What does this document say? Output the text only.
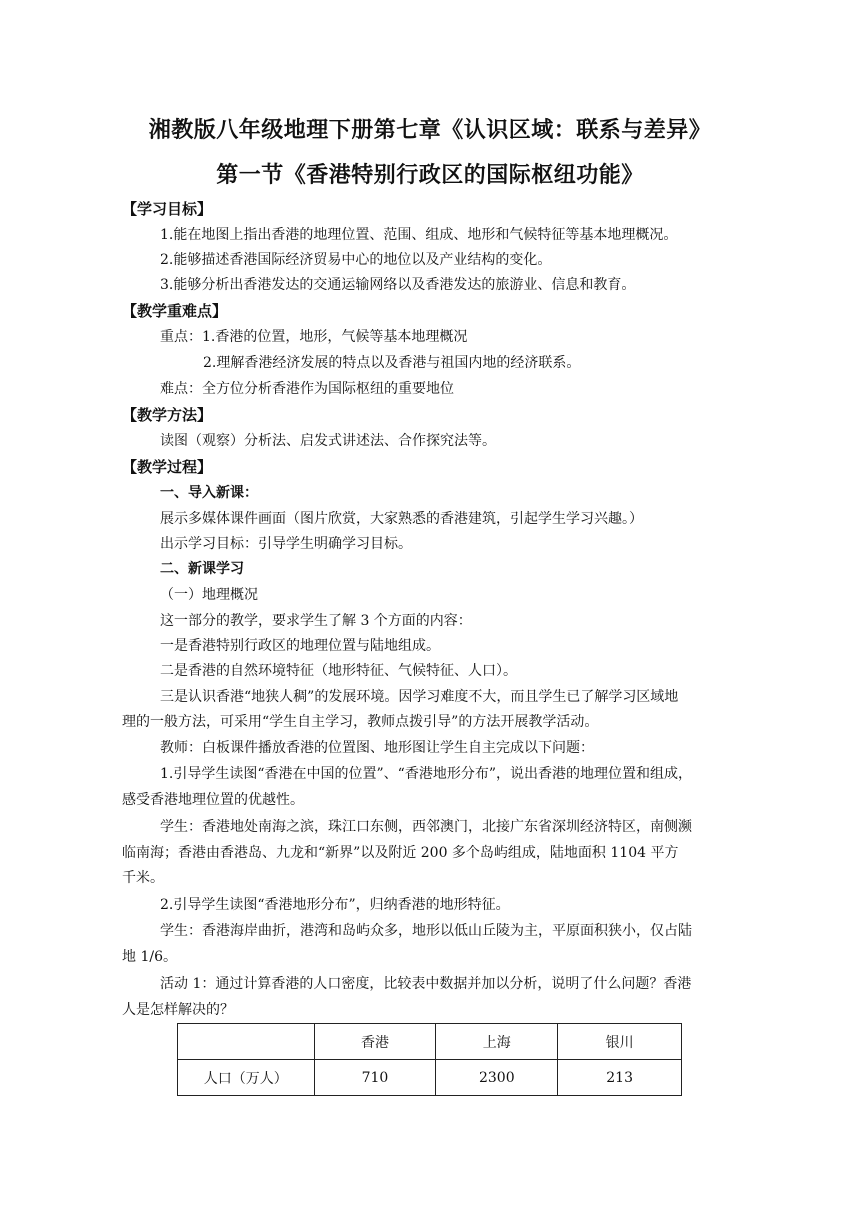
湘教版八年级地理下册第七章《认识区域：联系与差异》
第一节《香港特别行政区的国际枢纽功能》
【学习目标】
1.能在地图上指出香港的地理位置、范围、组成、地形和气候特征等基本地理概况。
2.能够描述香港国际经济贸易中心的地位以及产业结构的变化。
3.能够分析出香港发达的交通运输网络以及香港发达的旅游业、信息和教育。
【教学重难点】
重点：1.香港的位置，地形，气候等基本地理概况
2.理解香港经济发展的特点以及香港与祖国内地的经济联系。
难点：全方位分析香港作为国际枢纽的重要地位
【教学方法】
读图（观察）分析法、启发式讲述法、合作探究法等。
【教学过程】
一、导入新课：
展示多媒体课件画面（图片欣赏，大家熟悉的香港建筑，引起学生学习兴趣。）
出示学习目标：引导学生明确学习目标。
二、新课学习
（一）地理概况
这一部分的教学，要求学生了解 3 个方面的内容：
一是香港特别行政区的地理位置与陆地组成。
二是香港的自然环境特征（地形特征、气候特征、人口）。
三是认识香港“地狭人稠”的发展环境。因学习难度不大，而且学生已了解学习区域地
理的一般方法，可采用“学生自主学习，教师点拨引导”的方法开展教学活动。
教师：白板课件播放香港的位置图、地形图让学生自主完成以下问题：
1.引导学生读图“香港在中国的位置”、“香港地形分布”，说出香港的地理位置和组成，
感受香港地理位置的优越性。
学生：香港地处南海之滨，珠江口东侧，西邻澳门，北接广东省深圳经济特区，南侧濒
临南海；香港由香港岛、九龙和“新界”以及附近 200 多个岛屿组成，陆地面积 1104 平方
千米。
2.引导学生读图“香港地形分布”，归纳香港的地形特征。
学生：香港海岸曲折，港湾和岛屿众多，地形以低山丘陵为主，平原面积狭小，仅占陆
地 1/6。
活动 1：通过计算香港的人口密度，比较表中数据并加以分析，说明了什么问题？香港
人是怎样解决的？
	香港	上海	银川
人口（万人）	710	2300	213
